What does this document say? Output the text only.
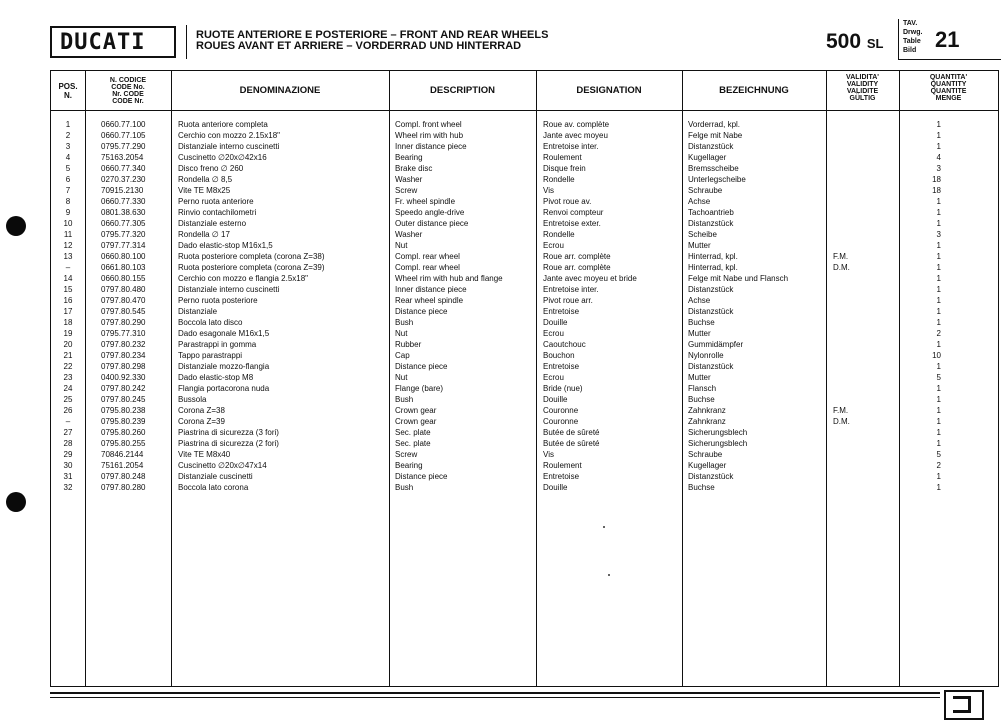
DUCATI	RUOTE ANTERIORE E POSTERIORE – FRONT AND REAR WHEELS
ROUES AVANT ET ARRIERE – VORDERRAD UND HINTERRAD	500 SL
TAV.
Drwg.
Table
Bild 21
POS.
N.
N. CODICE
CODE No.
Nr. CODE
CODE Nr.
DENOMINAZIONE	DESCRIPTION	DESIGNATION	BEZEICHNUNG
VALIDITA'
VALIDITY
VALIDITE
GÜLTIG
QUANTITA'
QUANTITY
QUANTITE
MENGE
1	0660.77.100	Ruota anteriore completa	Compl. front wheel	Roue av. complète	Vorderrad, kpl.	1
2	0660.77.105	Cerchio con mozzo 2.15x18"	Wheel rim with hub	Jante avec moyeu	Felge mit Nabe	1
3	0795.77.290	Distanziale interno cuscinetti	Inner distance piece	Entretoise inter.	Distanzstück	1
4	75163.2054	Cuscinetto ∅20x∅42x16	Bearing	Roulement	Kugellager	4
5	0660.77.340	Disco freno ∅ 260	Brake disc	Disque frein	Bremsscheibe	3
6	0270.37.230	Rondella ∅ 8,5	Washer	Rondelle	Unterlegscheibe	18
7	70915.2130	Vite TE M8x25	Screw	Vis	Schraube	18
8	0660.77.330	Perno ruota anteriore	Fr. wheel spindle	Pivot roue av.	Achse	1
9	0801.38.630	Rinvio contachilometri	Speedo angle-drive	Renvoi compteur	Tachoantrieb	1
10	0660.77.305	Distanziale esterno	Outer distance piece	Entretoise exter.	Distanzstück	1
11	0795.77.320	Rondella ∅ 17	Washer	Rondelle	Scheibe	3
12	0797.77.314	Dado elastic-stop M16x1,5	Nut	Ecrou	Mutter	1
13	0660.80.100	Ruota posteriore completa (corona Z=38)	Compl. rear wheel	Roue arr. complète	Hinterrad, kpl.	F.M.	1
–	0661.80.103	Ruota posteriore completa (corona Z=39)	Compl. rear wheel	Roue arr. complète	Hinterrad, kpl.	D.M.	1
14	0660.80.155	Cerchio con mozzo e flangia 2.5x18"	Wheel rim with hub and flange	Jante avec moyeu et bride	Felge mit Nabe und Flansch	1
15	0797.80.480	Distanziale interno cuscinetti	Inner distance piece	Entretoise inter.	Distanzstück	1
16	0797.80.470	Perno ruota posteriore	Rear wheel spindle	Pivot roue arr.	Achse	1
17	0797.80.545	Distanziale	Distance piece	Entretoise	Distanzstück	1
18	0797.80.290	Boccola lato disco	Bush	Douille	Buchse	1
19	0795.77.310	Dado esagonale M16x1,5	Nut	Ecrou	Mutter	2
20	0797.80.232	Parastrappi in gomma	Rubber	Caoutchouc	Gummidämpfer	1
21	0797.80.234	Tappo parastrappi	Cap	Bouchon	Nylonrolle	10
22	0797.80.298	Distanziale mozzo-flangia	Distance piece	Entretoise	Distanzstück	1
23	0400.92.330	Dado elastic-stop M8	Nut	Ecrou	Mutter	5
24	0797.80.242	Flangia portacorona nuda	Flange (bare)	Bride (nue)	Flansch	1
25	0797.80.245	Bussola	Bush	Douille	Buchse	1
26	0795.80.238	Corona Z=38	Crown gear	Couronne	Zahnkranz	F.M.	1
–	0795.80.239	Corona Z=39	Crown gear	Couronne	Zahnkranz	D.M.	1
27	0795.80.260	Piastrina di sicurezza (3 fori)	Sec. plate	Butée de sûreté	Sicherungsblech	1
28	0795.80.255	Piastrina di sicurezza (2 fori)	Sec. plate	Butée de sûreté	Sicherungsblech	1
29	70846.2144	Vite TE M8x40	Screw	Vis	Schraube	5
30	75161.2054	Cuscinetto ∅20x∅47x14	Bearing	Roulement	Kugellager	2
31	0797.80.248	Distanziale cuscinetti	Distance piece	Entretoise	Distanzstück	1
32	0797.80.280	Boccola lato corona	Bush	Douille	Buchse	1
